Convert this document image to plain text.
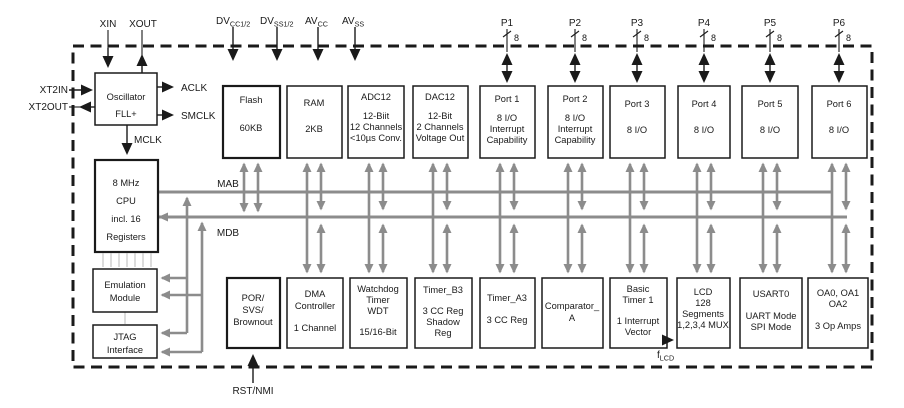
MAB
MDB
XIN XOUT	$DV_{CC1/2}$ $DV_{SS1/2}$ $AV_{CC}$ $AV_{SS}$	P1	P2	P3	P4	P5	P6
8	8	8	8	8	8
Oscillator
FLL+
XT2IN
XT2OUT
ACLK
SMCLK
MCLK
8 MHz
CPU
incl. 16
Registers
Emulation
Module
JTAG
Interface
Flash
60KB
RAM
2KB
ADC12
12-Biit
12 Channels
<10µs Conv.
DAC12
12-Bit
2 Channels
Voltage Out
Port 1
8 I/O
Interrupt
Capability
Port 2
8 I/O
Interrupt
Capability
Port 3
8 I/O
Port 4
8 I/O
Port 5
8 I/O
Port 6
8 I/O
POR/
SVS/
Brownout
DMA
Controller
1 Channel
Watchdog
Timer
WDT
15/16-Bit
Timer_B3
3 CC Reg
Shadow
Reg
Timer_A3
3 CC Reg
Comparator_
A
Basic
Timer 1
1 Interrupt
Vector
LCD
128
Segments
1,2,3,4 MUX
USART0
UART Mode
SPI Mode
OA0, OA1
OA2
3 Op Amps
RST/NMI
$f_{LCD}$
